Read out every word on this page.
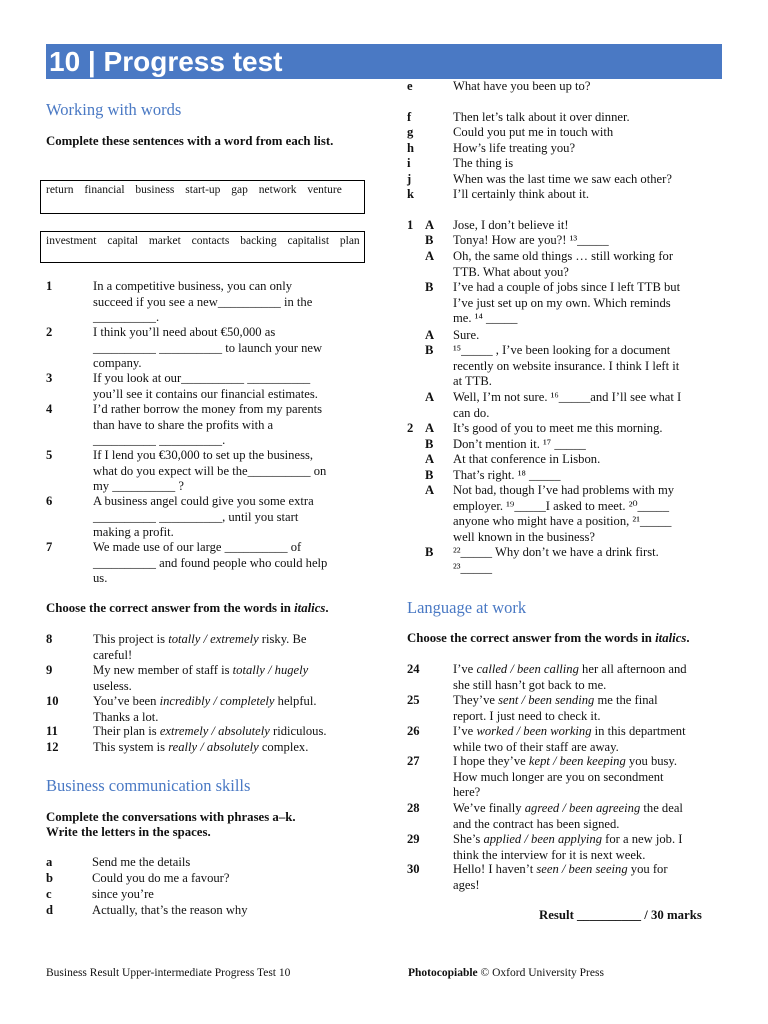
10 | Progress test
Working with words
Complete these sentences with a word from each list.
return financial business start-up gap network venture
investment capital market contacts backing capitalist plan
1	In a competitive business, you can only
succeed if you see a new__________ in the
__________.
2	I think you’ll need about €50,000 as
__________ __________ to launch your new
company.
3	If you look at our__________ __________
you’ll see it contains our financial estimates.
4	I’d rather borrow the money from my parents
than have to share the profits with a
__________ __________.
5	If I lend you €30,000 to set up the business,
what do you expect will be the__________ on
my __________ ?
6	A business angel could give you some extra
__________ __________, until you start
making a profit.
7	We made use of our large __________ of
__________ and found people who could help
us.
Choose the correct answer from the words in italics.
8	This project is totally / extremely risky. Be
careful!
9	My new member of staff is totally / hugely
useless.
10	You’ve been incredibly / completely helpful.
Thanks a lot.
11	Their plan is extremely / absolutely ridiculous.
12	This system is really / absolutely complex.
Business communication skills
Complete the conversations with phrases a–k.
Write the letters in the spaces.
a	Send me the details
b	Could you do me a favour?
c	since you’re
d	Actually, that’s the reason why
e	What have you been up to?
f	Then let’s talk about it over dinner.
g	Could you put me in touch with
h	How’s life treating you?
i	The thing is
j	When was the last time we saw each other?
k	I’ll certainly think about it.
1 A Jose, I don’t believe it!
B Tonya! How are you?! ¹³_____
A Oh, the same old things … still working for
TTB. What about you?
B I’ve had a couple of jobs since I left TTB but
I’ve just set up on my own. Which reminds
me. ¹⁴ _____
A Sure.
B ¹⁵_____ , I’ve been looking for a document
recently on website insurance. I think I left it
at TTB.
A Well, I’m not sure. ¹⁶_____and I’ll see what I
can do.
2 A It’s good of you to meet me this morning.
B Don’t mention it. ¹⁷ _____
A At that conference in Lisbon.
B That’s right. ¹⁸ _____
A Not bad, though I’ve had problems with my
employer. ¹⁹_____I asked to meet. ²⁰_____
anyone who might have a position, ²¹_____
well known in the business?
B ²²_____ Why don’t we have a drink first.
²³_____
Language at work
Choose the correct answer from the words in italics.
24	I’ve called / been calling her all afternoon and
she still hasn’t got back to me.
25	They’ve sent / been sending me the final
report. I just need to check it.
26	I’ve worked / been working in this department
while two of their staff are away.
27	I hope they’ve kept / been keeping you busy.
How much longer are you on secondment
here?
28	We’ve finally agreed / been agreeing the deal
and the contract has been signed.
29	She’s applied / been applying for a new job. I
think the interview for it is next week.
30	Hello! I haven’t seen / been seeing you for
ages!
Result __________ / 30 marks
Business Result Upper-intermediate Progress Test 10	Photocopiable © Oxford University Press
